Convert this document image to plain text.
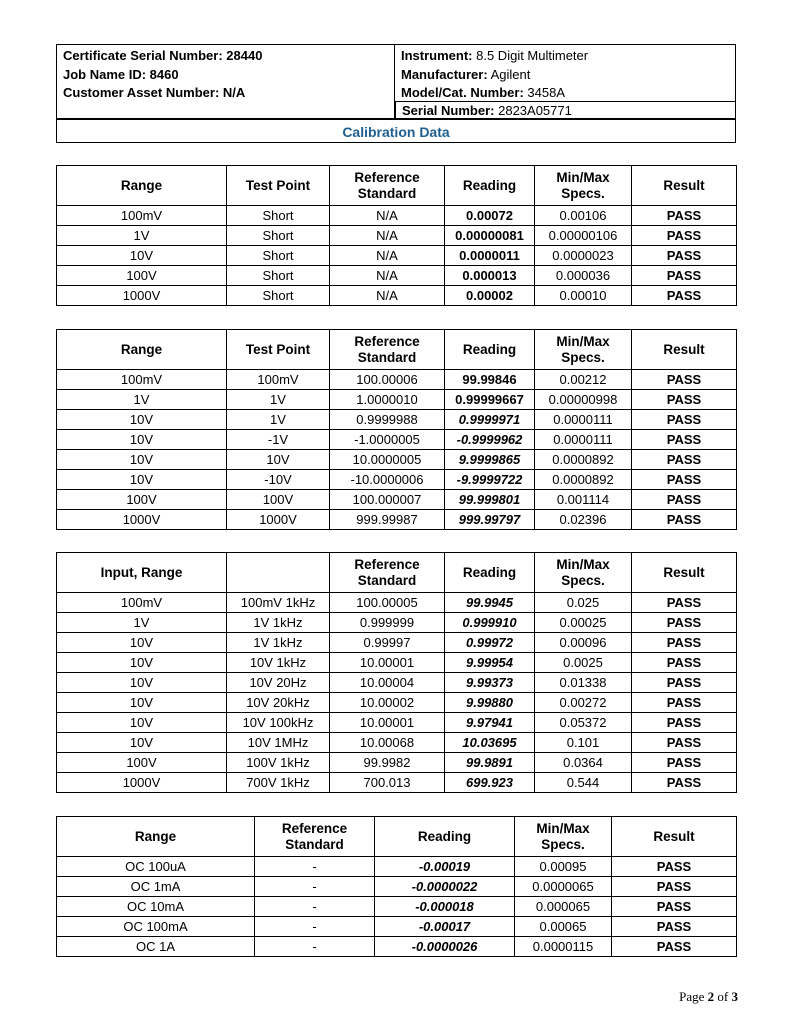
Certificate Serial Number: 28440
Job Name ID: 8460
Customer Asset Number: N/A
Instrument: 8.5 Digit Multimeter
Manufacturer: Agilent
Model/Cat. Number: 3458A
Serial Number: 2823A05771
Calibration Data
Range	Test Point	Reference Standard	Reading	Min/Max Specs.	Result
100mV	Short	N/A	0.00072	0.00106	PASS
1V	Short	N/A	0.00000081	0.00000106	PASS
10V	Short	N/A	0.0000011	0.0000023	PASS
100V	Short	N/A	0.000013	0.000036	PASS
1000V	Short	N/A	0.00002	0.00010	PASS
Range	Test Point	Reference Standard	Reading	Min/Max Specs.	Result
100mV	100mV	100.00006	99.99846	0.00212	PASS
1V	1V	1.0000010	0.99999667	0.00000998	PASS
10V	1V	0.9999988	0.9999971	0.0000111	PASS
10V	-1V	-1.0000005	-0.9999962	0.0000111	PASS
10V	10V	10.0000005	9.9999865	0.0000892	PASS
10V	-10V	-10.0000006	-9.9999722	0.0000892	PASS
100V	100V	100.000007	99.999801	0.001114	PASS
1000V	1000V	999.99987	999.99797	0.02396	PASS
Input, Range		Reference Standard	Reading	Min/Max Specs.	Result
100mV	100mV 1kHz	100.00005	99.9945	0.025	PASS
1V	1V 1kHz	0.999999	0.999910	0.00025	PASS
10V	1V 1kHz	0.99997	0.99972	0.00096	PASS
10V	10V 1kHz	10.00001	9.99954	0.0025	PASS
10V	10V 20Hz	10.00004	9.99373	0.01338	PASS
10V	10V 20kHz	10.00002	9.99880	0.00272	PASS
10V	10V 100kHz	10.00001	9.97941	0.05372	PASS
10V	10V 1MHz	10.00068	10.03695	0.101	PASS
100V	100V 1kHz	99.9982	99.9891	0.0364	PASS
1000V	700V 1kHz	700.013	699.923	0.544	PASS
Range	Reference Standard	Reading	Min/Max Specs.	Result
OC 100uA	-	-0.00019	0.00095	PASS
OC 1mA	-	-0.0000022	0.0000065	PASS
OC 10mA	-	-0.000018	0.000065	PASS
OC 100mA	-	-0.00017	0.00065	PASS
OC 1A	-	-0.0000026	0.0000115	PASS
Page 2 of 3
